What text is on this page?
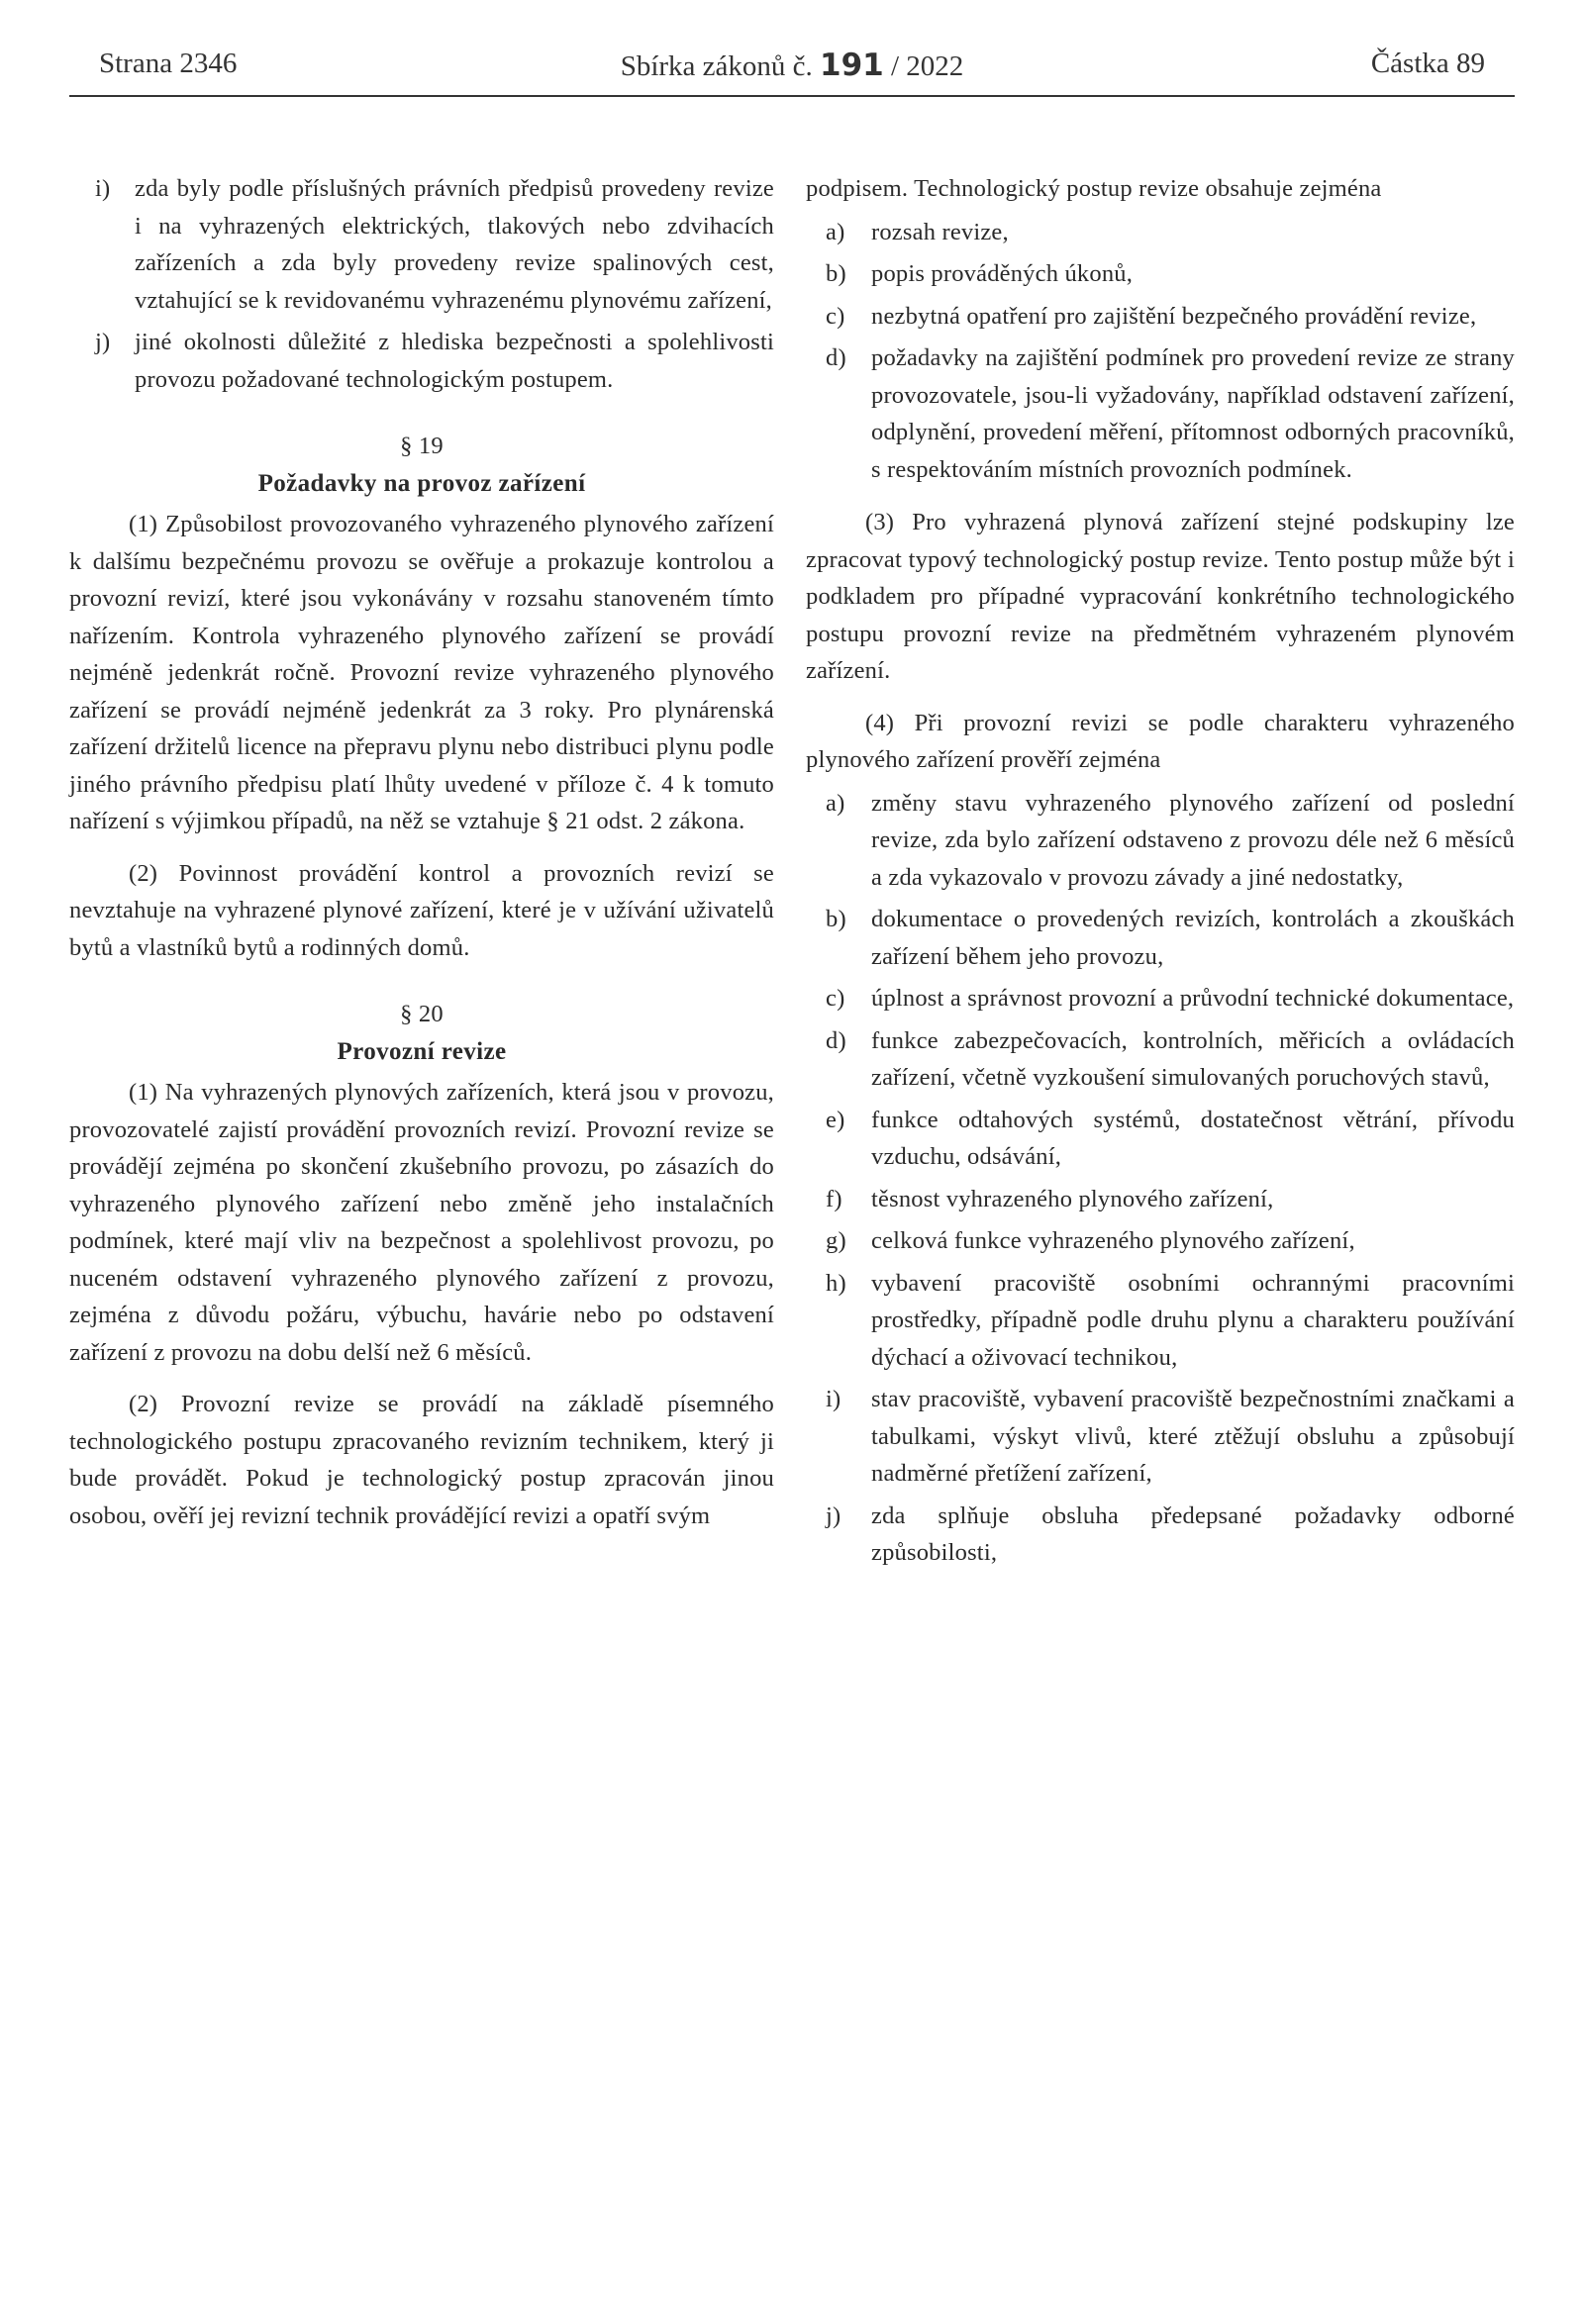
Strana 2346	Sbírka zákonů č. 191 / 2022	Částka 89
i) zda byly podle příslušných právních předpisů provedeny revize i na vyhrazených elektrických, tlakových nebo zdvihacích zařízeních a zda byly provedeny revize spalinových cest, vztahující se k revidovanému vyhrazenému plynovému zařízení,
j) jiné okolnosti důležité z hlediska bezpečnosti a spolehlivosti provozu požadované technologickým postupem.

§ 19

Požadavky na provoz zařízení

(1) Způsobilost provozovaného vyhrazeného plynového zařízení k dalšímu bezpečnému provozu se ověřuje a prokazuje kontrolou a provozní revizí, které jsou vykonávány v rozsahu stanoveném tímto nařízením. Kontrola vyhrazeného plynového zařízení se provádí nejméně jedenkrát ročně. Provozní revize vyhrazeného plynového zařízení se provádí nejméně jedenkrát za 3 roky. Pro plynárenská zařízení držitelů licence na přepravu plynu nebo distribuci plynu podle jiného právního předpisu platí lhůty uvedené v příloze č. 4 k tomuto nařízení s výjimkou případů, na něž se vztahuje § 21 odst. 2 zákona.

(2) Povinnost provádění kontrol a provozních revizí se nevztahuje na vyhrazené plynové zařízení, které je v užívání uživatelů bytů a vlastníků bytů a rodinných domů.

§ 20

Provozní revize

(1) Na vyhrazených plynových zařízeních, která jsou v provozu, provozovatelé zajistí provádění provozních revizí. Provozní revize se provádějí zejména po skončení zkušebního provozu, po zásazích do vyhrazeného plynového zařízení nebo změně jeho instalačních podmínek, které mají vliv na bezpečnost a spolehlivost provozu, po nuceném odstavení vyhrazeného plynového zařízení z provozu, zejména z důvodu požáru, výbuchu, havárie nebo po odstavení zařízení z provozu na dobu delší než 6 měsíců.

(2) Provozní revize se provádí na základě písemného technologického postupu zpracovaného revizním technikem, který ji bude provádět. Pokud je technologický postup zpracován jinou osobou, ověří jej revizní technik provádějící revizi a opatří svým

podpisem. Technologický postup revize obsahuje zejména

a) rozsah revize,
b) popis prováděných úkonů,
c) nezbytná opatření pro zajištění bezpečného provádění revize,
d) požadavky na zajištění podmínek pro provedení revize ze strany provozovatele, jsou-li vyžadovány, například odstavení zařízení, odplynění, provedení měření, přítomnost odborných pracovníků, s respektováním místních provozních podmínek.

(3) Pro vyhrazená plynová zařízení stejné podskupiny lze zpracovat typový technologický postup revize. Tento postup může být i podkladem pro případné vypracování konkrétního technologického postupu provozní revize na předmětném vyhrazeném plynovém zařízení.

(4) Při provozní revizi se podle charakteru vyhrazeného plynového zařízení prověří zejména

a) změny stavu vyhrazeného plynového zařízení od poslední revize, zda bylo zařízení odstaveno z provozu déle než 6 měsíců a zda vykazovalo v provozu závady a jiné nedostatky,
b) dokumentace o provedených revizích, kontrolách a zkouškách zařízení během jeho provozu,
c) úplnost a správnost provozní a průvodní technické dokumentace,
d) funkce zabezpečovacích, kontrolních, měřicích a ovládacích zařízení, včetně vyzkoušení simulovaných poruchových stavů,
e) funkce odtahových systémů, dostatečnost větrání, přívodu vzduchu, odsávání,
f) těsnost vyhrazeného plynového zařízení,
g) celková funkce vyhrazeného plynového zařízení,
h) vybavení pracoviště osobními ochrannými pracovními prostředky, případně podle druhu plynu a charakteru používání dýchací a oživovací technikou,
i) stav pracoviště, vybavení pracoviště bezpečnostními značkami a tabulkami, výskyt vlivů, které ztěžují obsluhu a způsobují nadměrné přetížení zařízení,
j) zda splňuje obsluha předepsané požadavky odborné způsobilosti,
